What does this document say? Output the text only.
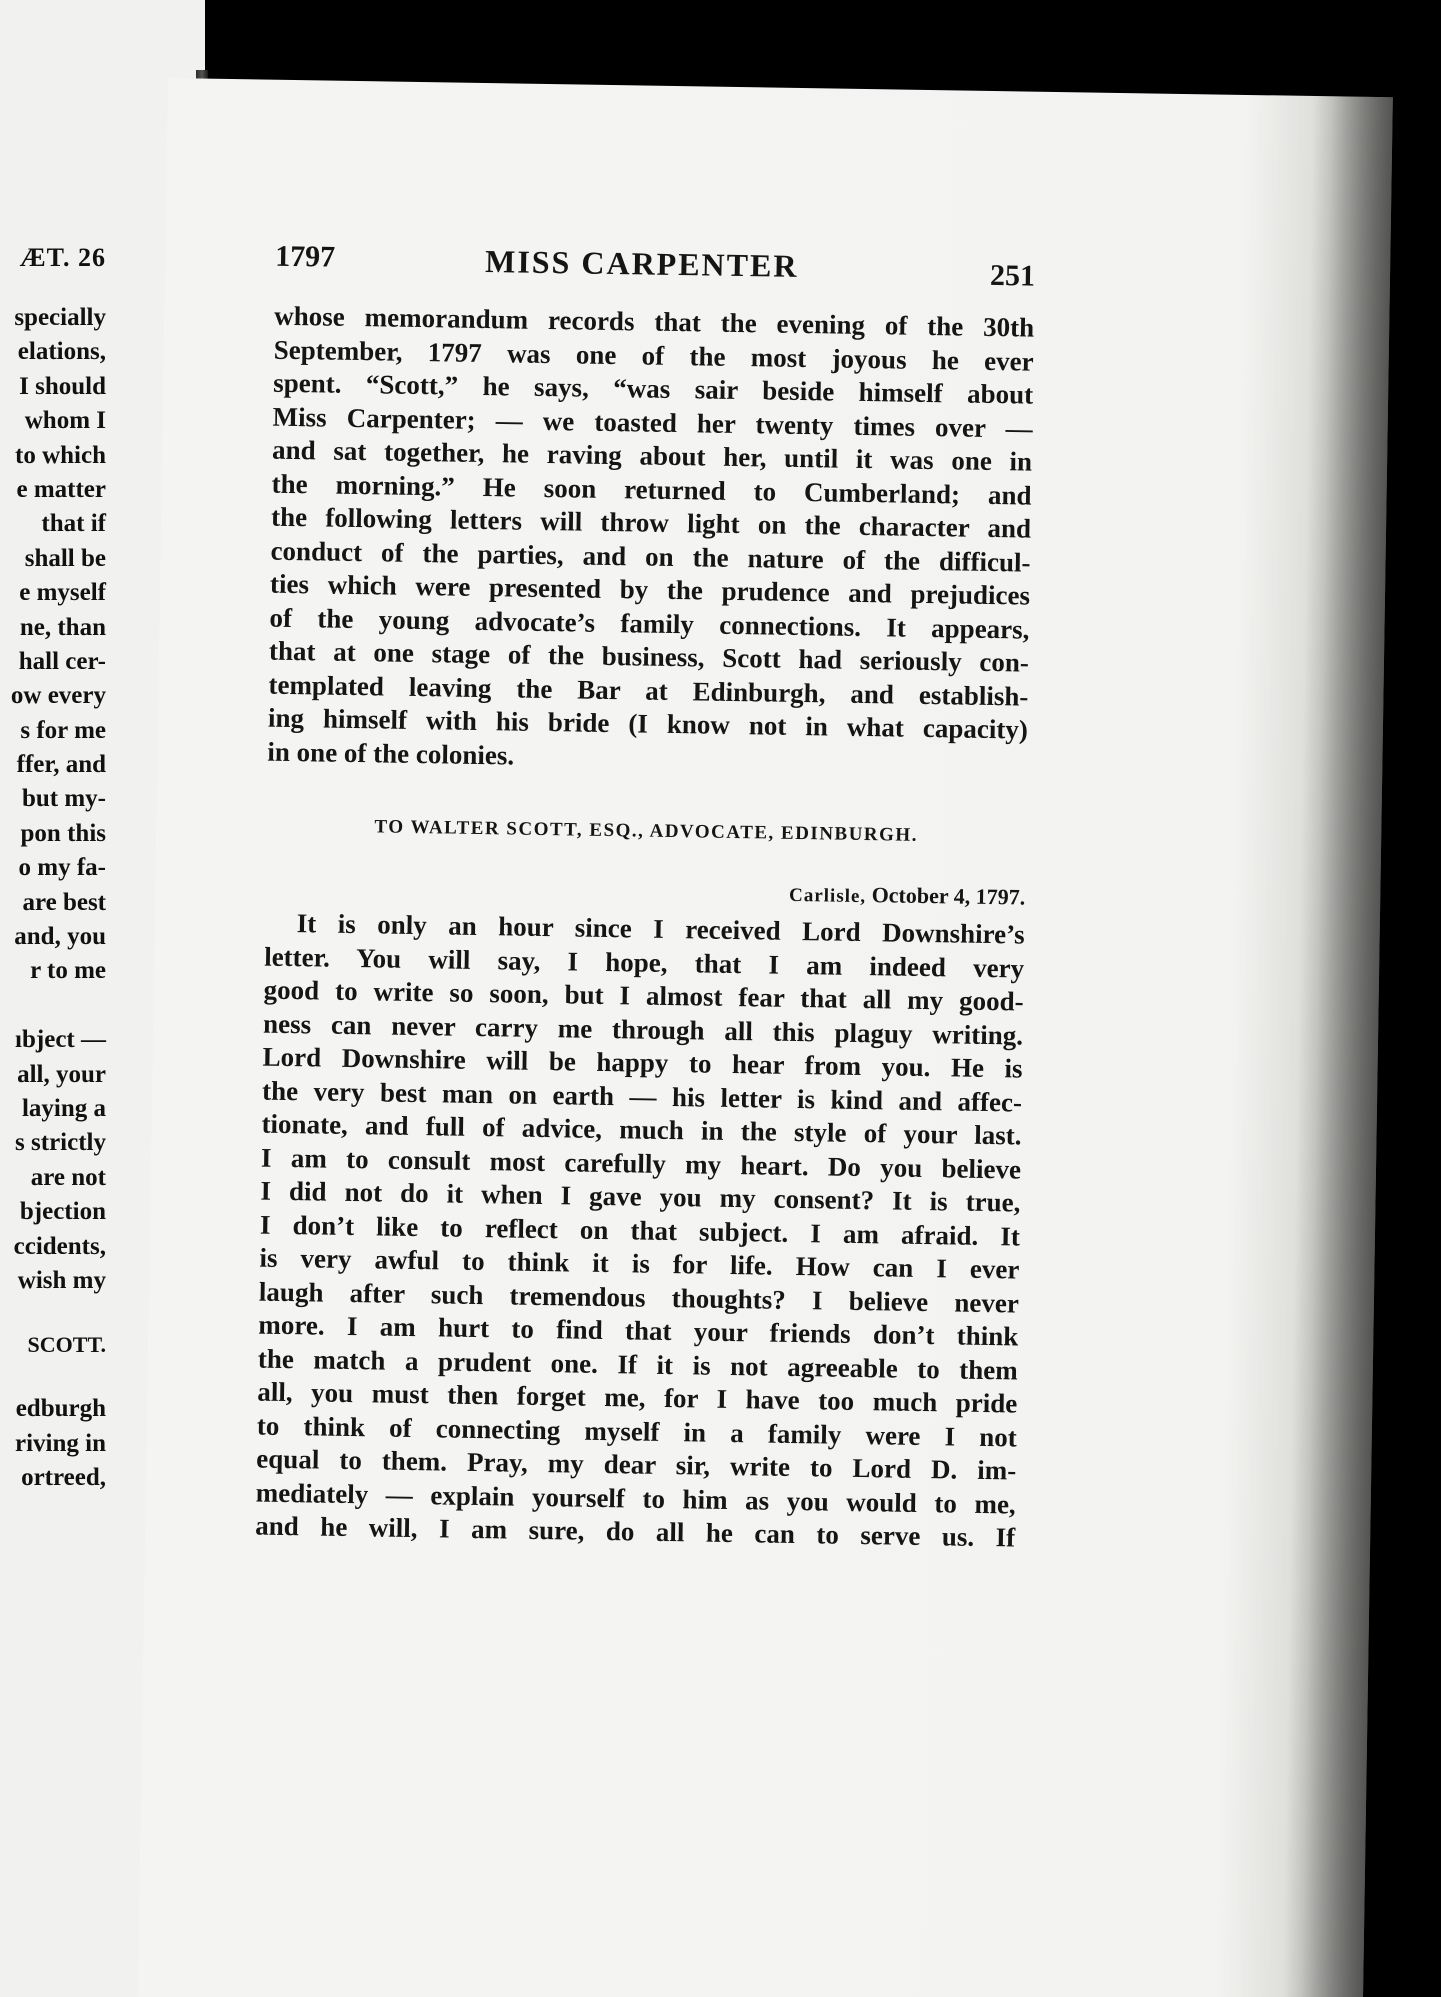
ÆT. 26
specially
elations,
I should
whom I
to which
e matter
that if
shall be
e myself
ne, than
hall cer-
ow every
s for me
ffer, and
but my-
pon this
o my fa-
are best
and, you
r to me
ıbject —
all, your
laying a
s strictly
are not
bjection
ccidents,
wish my
SCOTT.
edburgh
riving in
ortreed,
1797	MISS CARPENTER	251
whose memorandum records that the evening of the 30th
September, 1797 was one of the most joyous he ever
spent. “Scott,” he says, “was sair beside himself about
Miss Carpenter; — we toasted her twenty times over —
and sat together, he raving about her, until it was one in
the morning.” He soon returned to Cumberland; and
the following letters will throw light on the character and
conduct of the parties, and on the nature of the difficul-
ties which were presented by the prudence and prejudices
of the young advocate’s family connections. It appears,
that at one stage of the business, Scott had seriously con-
templated leaving the Bar at Edinburgh, and establish-
ing himself with his bride (I know not in what capacity)
in one of the colonies.
TO WALTER SCOTT, ESQ., ADVOCATE, EDINBURGH.
Carlisle, October 4, 1797.
It is only an hour since I received Lord Downshire’s
letter. You will say, I hope, that I am indeed very
good to write so soon, but I almost fear that all my good-
ness can never carry me through all this plaguy writing.
Lord Downshire will be happy to hear from you. He is
the very best man on earth — his letter is kind and affec-
tionate, and full of advice, much in the style of your last.
I am to consult most carefully my heart. Do you believe
I did not do it when I gave you my consent? It is true,
I don’t like to reflect on that subject. I am afraid. It
is very awful to think it is for life. How can I ever
laugh after such tremendous thoughts? I believe never
more. I am hurt to find that your friends don’t think
the match a prudent one. If it is not agreeable to them
all, you must then forget me, for I have too much pride
to think of connecting myself in a family were I not
equal to them. Pray, my dear sir, write to Lord D. im-
mediately — explain yourself to him as you would to me,
and he will, I am sure, do all he can to serve us. If
